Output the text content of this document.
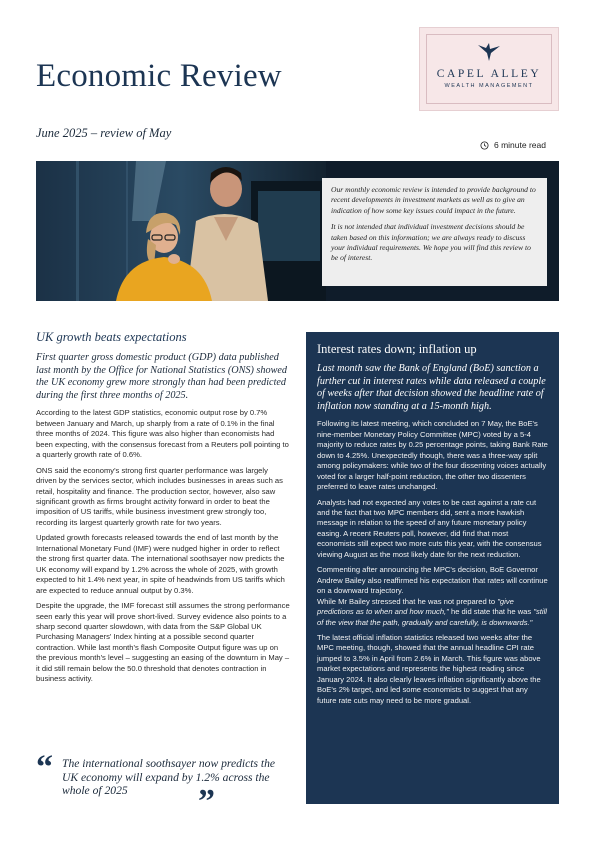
Economic Review	CAPEL ALLEY
WEALTH MANAGEMENT
June 2025 – review of May
6 minute read

Our monthly economic review is intended to provide background to recent developments in investment markets as well as to give an indication of how some key issues could impact in the future.

It is not intended that individual investment decisions should be taken based on this information; we are always ready to discuss your individual requirements. We hope you will find this review to be of interest.

UK growth beats expectations

First quarter gross domestic product (GDP) data published last month by the Office for National Statistics (ONS) showed the UK economy grew more strongly than had been predicted during the first three months of 2025.

According to the latest GDP statistics, economic output rose by 0.7% between January and March, up sharply from a rate of 0.1% in the final three months of 2024. This figure was also higher than economists had been expecting, with the consensus forecast from a Reuters poll pointing to a quarterly growth rate of 0.6%.

ONS said the economy's strong first quarter performance was largely driven by the services sector, which includes businesses in areas such as retail, hospitality and finance. The production sector, however, also saw significant growth as firms brought activity forward in order to beat the imposition of US tariffs, while business investment grew strongly too, recording its largest quarterly growth rate for two years.

Updated growth forecasts released towards the end of last month by the International Monetary Fund (IMF) were nudged higher in order to reflect the strong first quarter data. The international soothsayer now predicts the UK economy will expand by 1.2% across the whole of 2025, with growth expected to hit 1.4% next year, in spite of headwinds from US tariffs which are expected to reduce annual output by 0.3%.

Despite the upgrade, the IMF forecast still assumes the strong performance seen early this year will prove short-lived. Survey evidence also points to a sharp second quarter slowdown, with data from the S&P Global UK Purchasing Managers' Index hinting at a possible second quarter contraction. While last month's flash Composite Output figure was up on the previous month's level – suggesting an easing of the downturn in May – it did still remain below the 50.0 threshold that denotes contraction in business activity.

“ The international soothsayer now predicts the UK economy will expand by 1.2% across the whole of 2025	”
Interest rates down; inflation up

Last month saw the Bank of England (BoE) sanction a further cut in interest rates while data released a couple of weeks after that decision showed the headline rate of inflation now standing at a 15-month high.

Following its latest meeting, which concluded on 7 May, the BoE's nine-member Monetary Policy Committee (MPC) voted by a 5-4 majority to reduce rates by 0.25 percentage points, taking Bank Rate down to 4.25%. Unexpectedly though, there was a three-way split among policymakers: while two of the four dissenting voices actually voted for a larger half-point reduction, the other two dissenters preferred to leave rates unchanged.

Analysts had not expected any votes to be cast against a rate cut and the fact that two MPC members did, sent a more hawkish message in relation to the speed of any future monetary policy easing. A recent Reuters poll, however, did find that most economists still expect two more cuts this year, with the consensus viewing August as the most likely date for the next reduction.

Commenting after announcing the MPC's decision, BoE Governor Andrew Bailey also reaffirmed his expectation that rates will continue on a downward trajectory.

While Mr Bailey stressed that he was not prepared to "give predictions as to when and how much," he did state that he was "still of the view that the path, gradually and carefully, is downwards."

The latest official inflation statistics released two weeks after the MPC meeting, though, showed that the annual headline CPI rate jumped to 3.5% in April from 2.6% in March. This figure was above market expectations and represents the highest reading since January 2024. It also clearly leaves inflation significantly above the BoE's 2% target, and led some economists to suggest that any future rate cuts may need to be more gradual.
